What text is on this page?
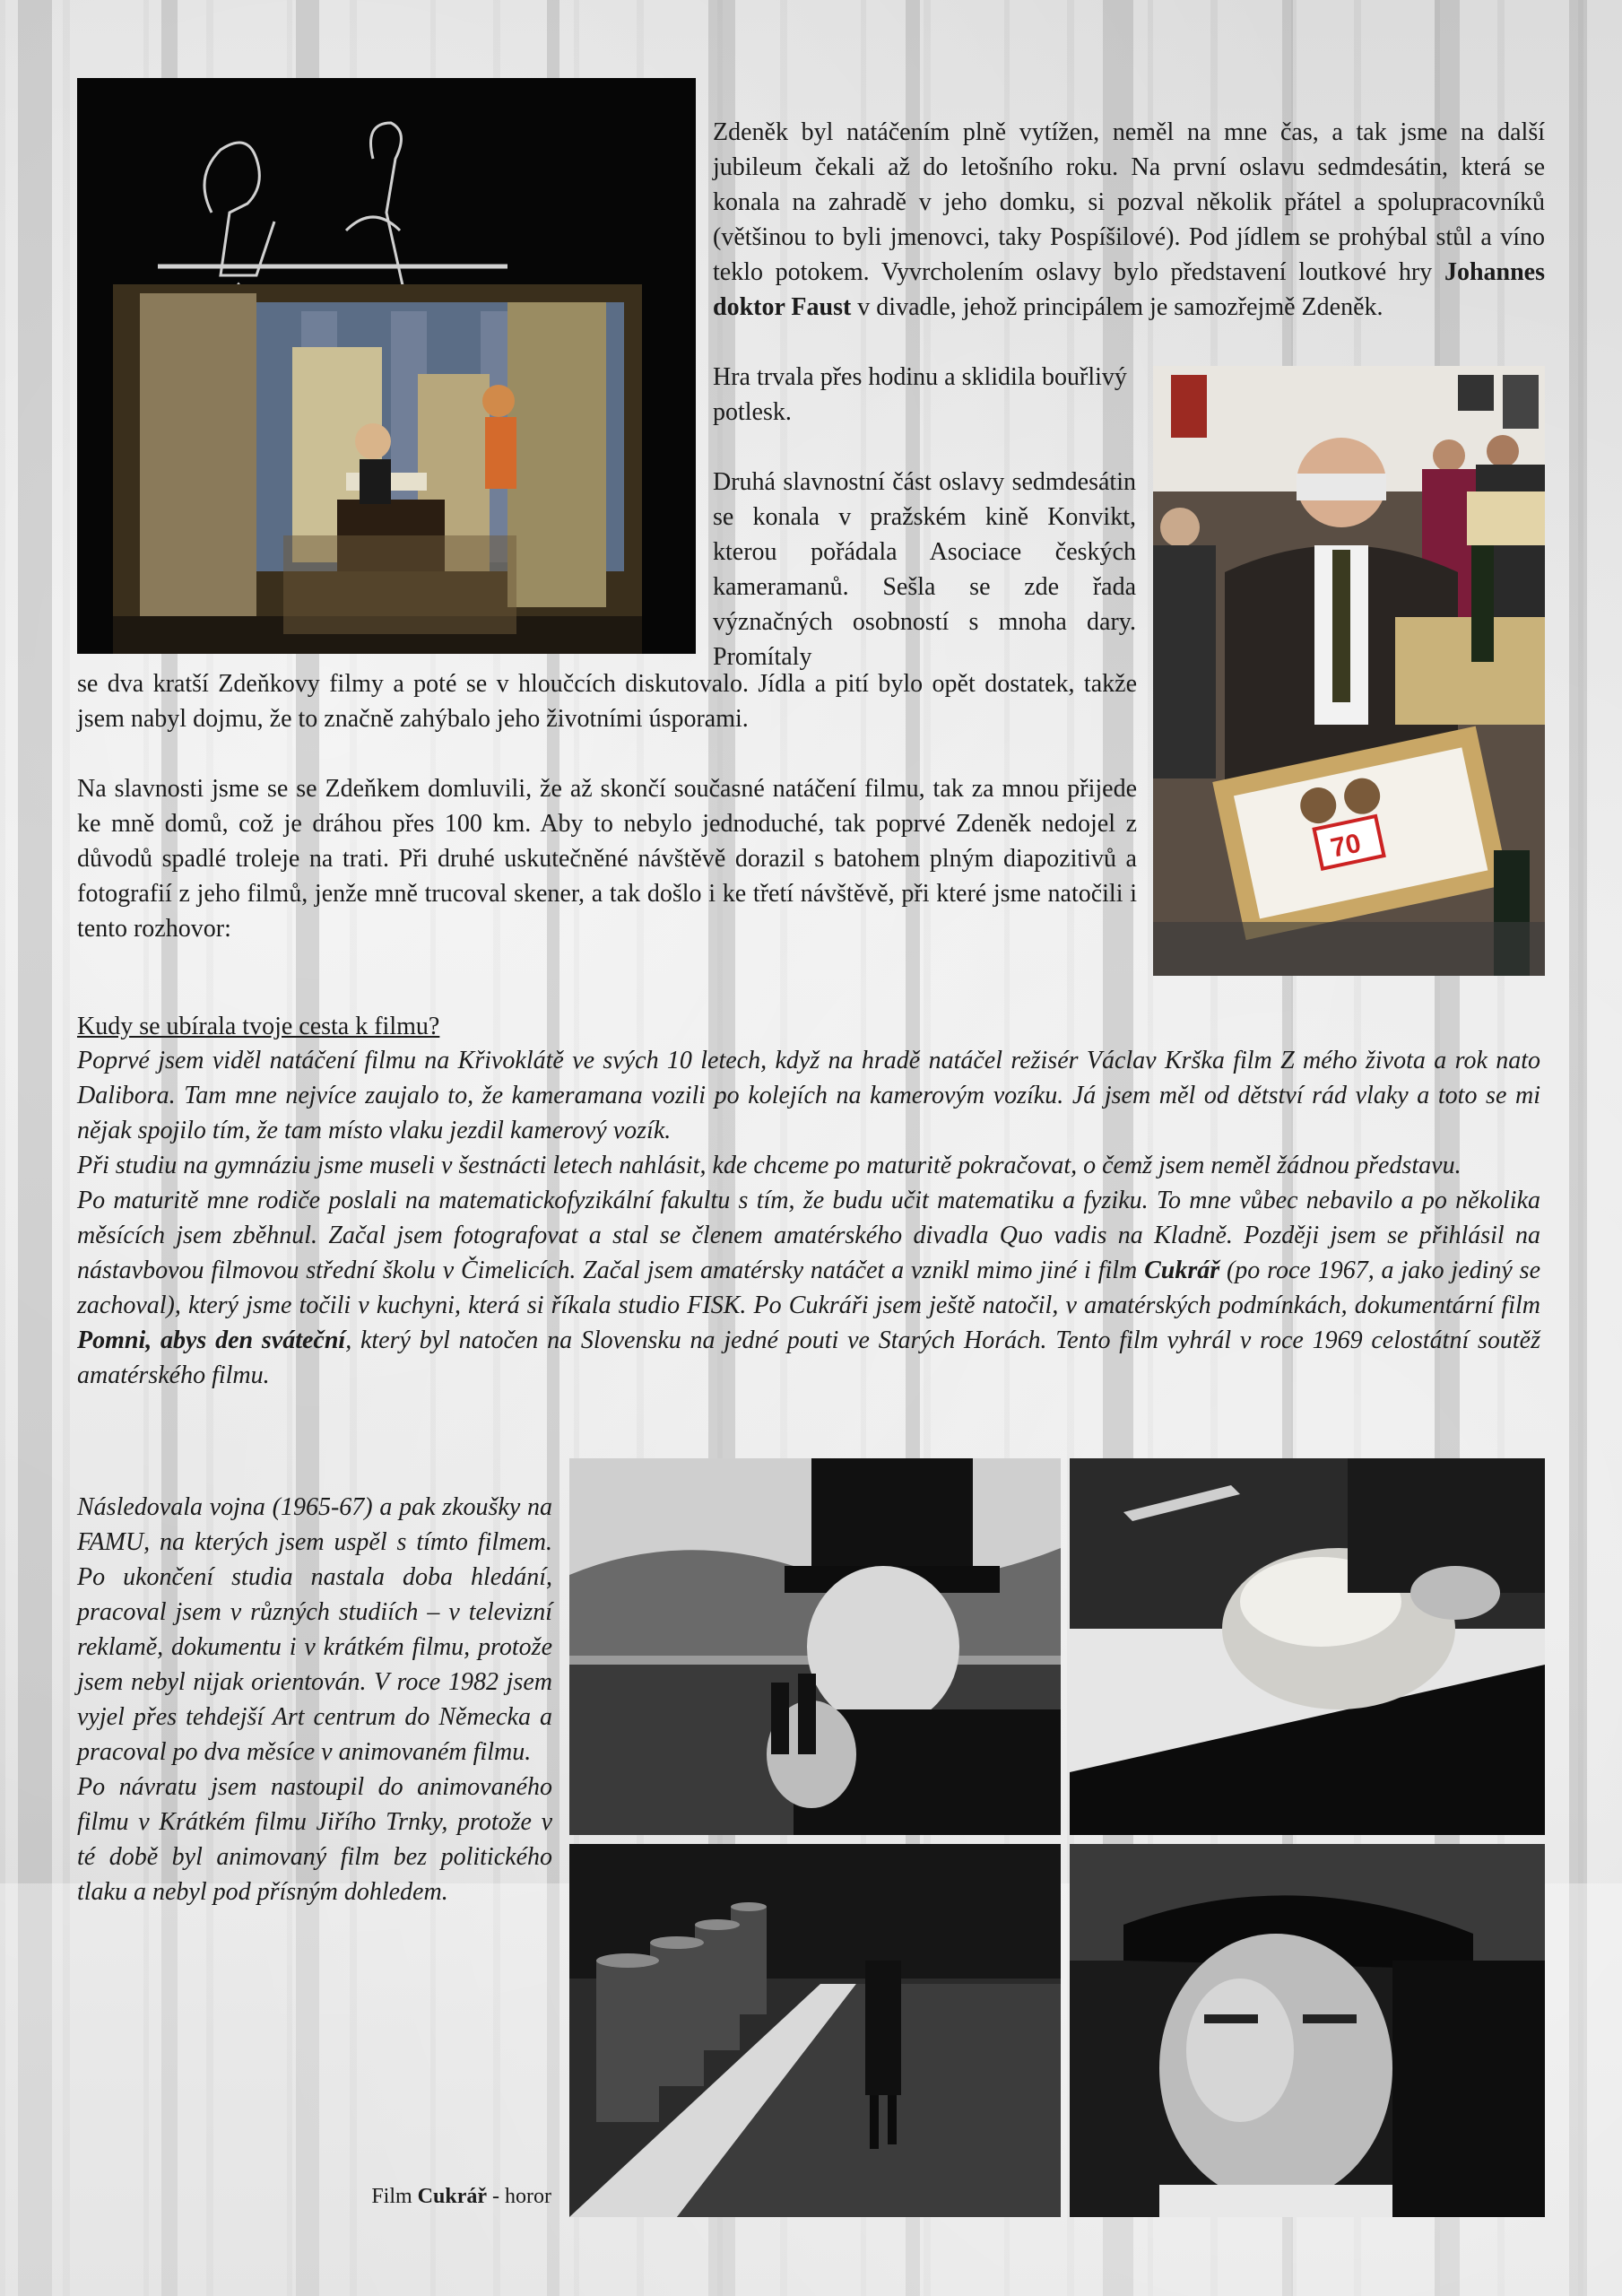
70

Zdeněk byl natáčením plně vytížen, neměl na mne čas, a tak jsme na další jubileum čekali až do letošního roku. Na první oslavu sedmdesátin, která se konala na zahradě v jeho domku, si pozval několik přátel a spolupracovníků (většinou to byli jmenovci, taky Pospíšilové). Pod jídlem se prohýbal stůl a víno teklo potokem. Vyvrcholením oslavy bylo představení loutkové hry Johannes doktor Faust v divadle, jehož principálem je samozřejmě Zdeněk.

Hra trvala přes hodinu a sklidila bouřlivý potlesk.

Druhá slavnostní část oslavy sedmdesátin se konala v pražském kině Konvikt, kterou pořádala Asociace českých kameramanů. Sešla se zde řada význačných osobností s mnoha dary. Promítaly

se dva kratší Zdeňkovy filmy a poté se v hloučcích diskutovalo. Jídla a pití bylo opět dostatek, takže jsem nabyl dojmu, že to značně zahýbalo jeho životními úsporami.

Na slavnosti jsme se se Zdeňkem domluvili, že až skončí současné natáčení filmu, tak za mnou přijede ke mně domů, což je dráhou přes 100 km. Aby to nebylo jednoduché, tak poprvé Zdeněk nedojel z důvodů spadlé troleje na trati. Při druhé uskutečněné návštěvě dorazil s batohem plným diapozitivů a fotografií z jeho filmů, jenže mně trucoval skener, a tak došlo i ke třetí návštěvě, při které jsme natočili i tento rozhovor:

Kudy se ubírala tvoje cesta k filmu?

Poprvé jsem viděl natáčení filmu na Křivoklátě ve svých 10 letech, když na hradě natáčel režisér Václav Krška film Z mého života a rok nato Dalibora. Tam mne nejvíce zaujalo to, že kameramana vozili po kolejích na kamerovým vozíku. Já jsem měl od dětství rád vlaky a toto se mi nějak spojilo tím, že tam místo vlaku jezdil kamerový vozík.

Při studiu na gymnáziu jsme museli v šestnácti letech nahlásit, kde chceme po maturitě pokračovat, o čemž jsem neměl žádnou představu.

Po maturitě mne rodiče poslali na matematickofyzikální fakultu s tím, že budu učit matematiku a fyziku. To mne vůbec nebavilo a po několika měsících jsem zběhnul. Začal jsem fotografovat a stal se členem amatérského divadla Quo vadis na Kladně. Později jsem se přihlásil na nástavbovou filmovou střední školu v Čimelicích. Začal jsem amatérsky natáčet a vznikl mimo jiné i film Cukrář (po roce 1967, a jako jediný se zachoval), který jsme točili v kuchyni, která si říkala studio FISK. Po Cukráři jsem ještě natočil, v amatérských podmínkách, dokumentární film Pomni, abys den sváteční, který byl natočen na Slovensku na jedné pouti ve Starých Horách. Tento film vyhrál v roce 1969 celostátní soutěž amatérského filmu.

Následovala vojna (1965-67) a pak zkoušky na FAMU, na kterých jsem uspěl s tímto filmem. Po ukončení studia nastala doba hledání, pracoval jsem v různých studiích – v televizní reklamě, dokumentu i v krátkém filmu, protože jsem nebyl nijak orientován. V roce 1982 jsem vyjel přes tehdejší Art centrum do Německa a pracoval po dva měsíce v animovaném filmu.

Po návratu jsem nastoupil do animovaného filmu v Krátkém filmu Jiřího Trnky, protože v té době byl animovaný film bez politického tlaku a nebyl pod přísným dohledem.

Film Cukrář - horor
